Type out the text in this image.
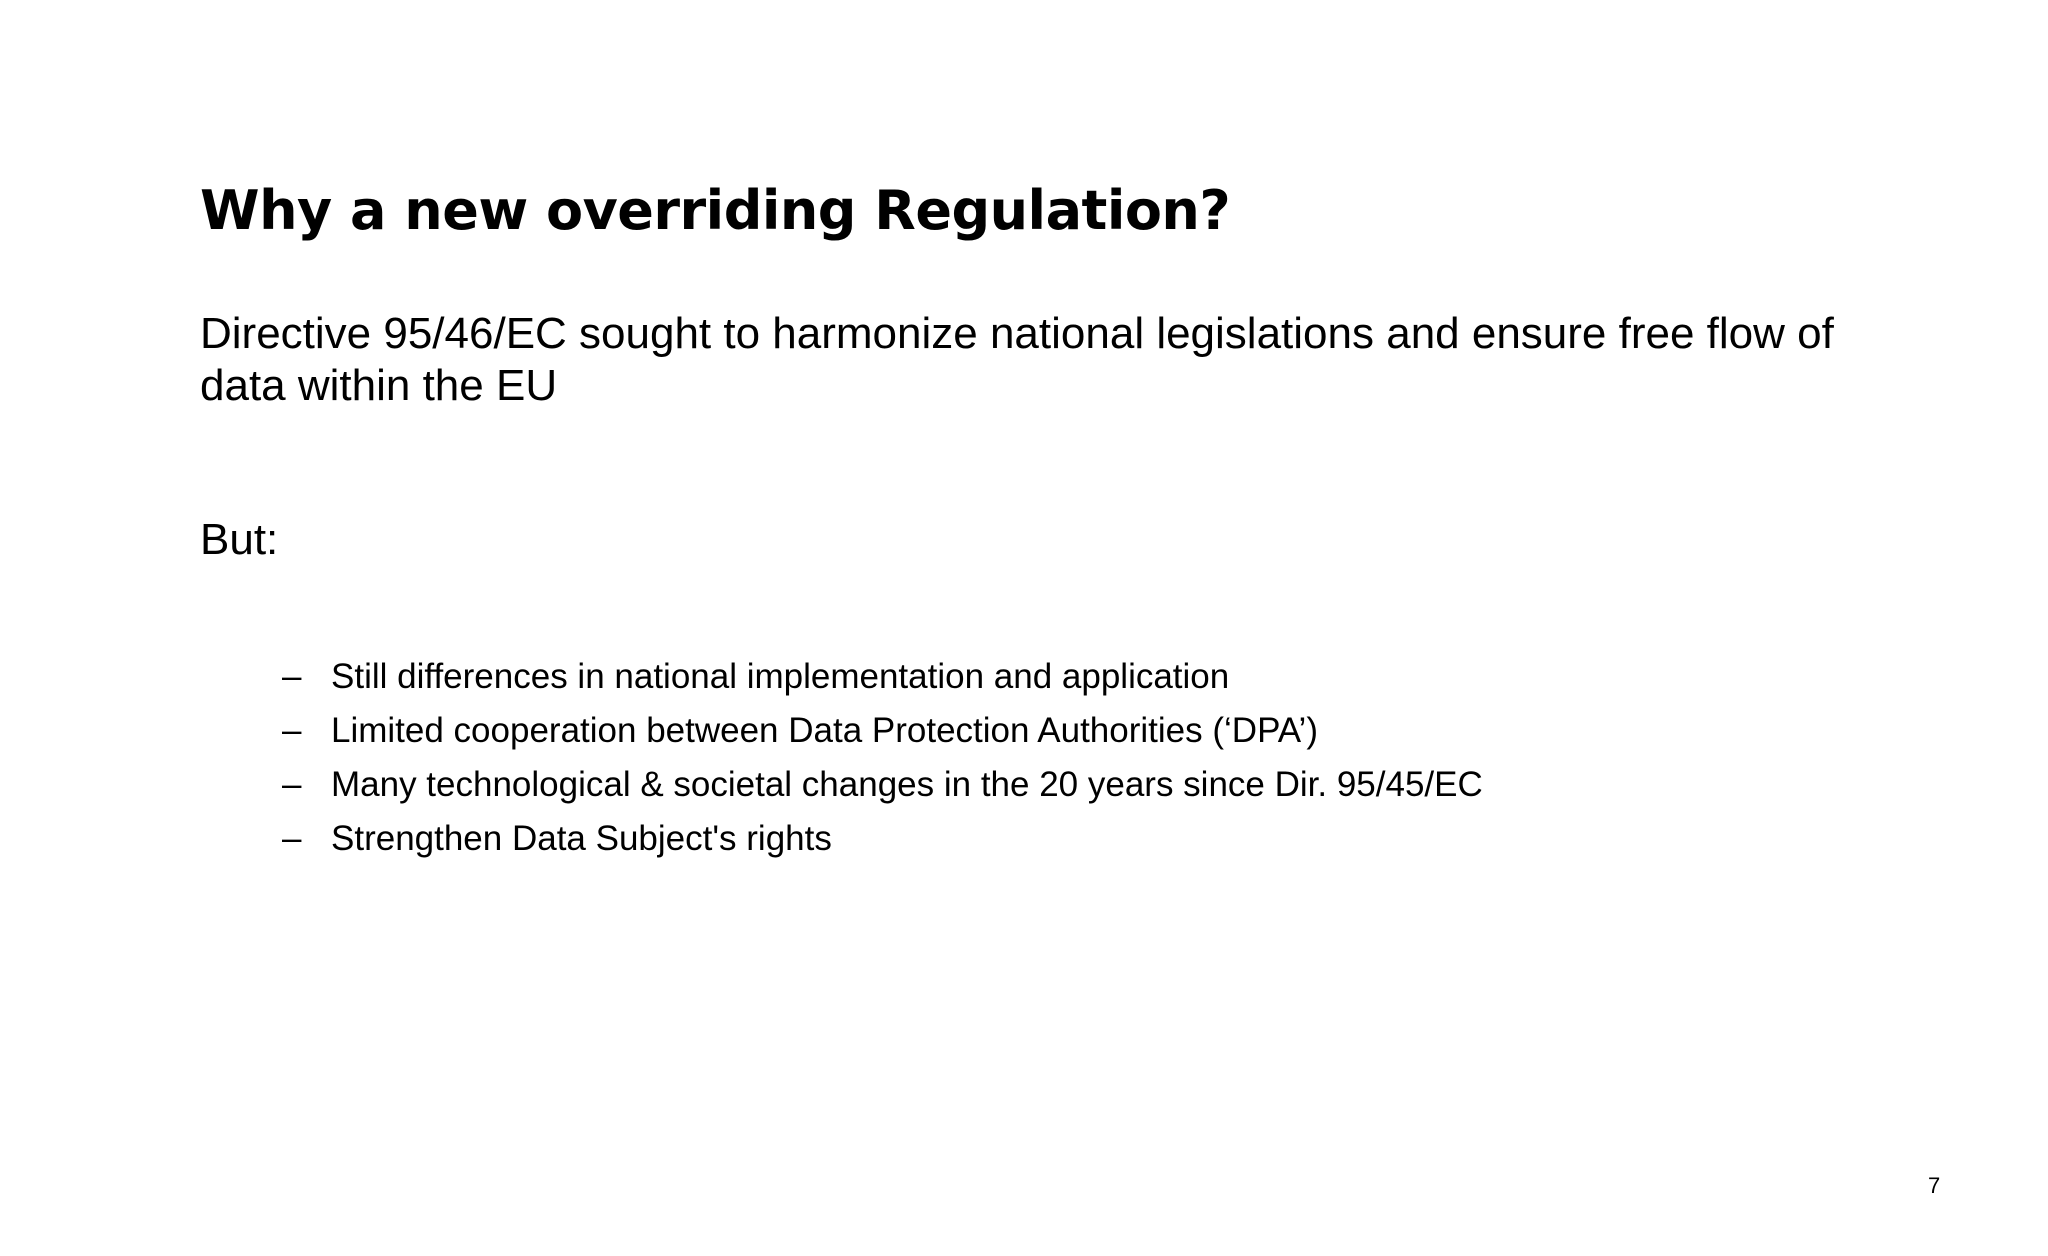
Why a new overriding Regulation?

Directive 95/46/EC sought to harmonize national legislations and ensure free flow of data within the EU

But:

– Still differences in national implementation and application
– Limited cooperation between Data Protection Authorities (‘DPA’)
– Many technological & societal changes in the 20 years since Dir. 95/45/EC
– Strengthen Data Subject's rights
7
